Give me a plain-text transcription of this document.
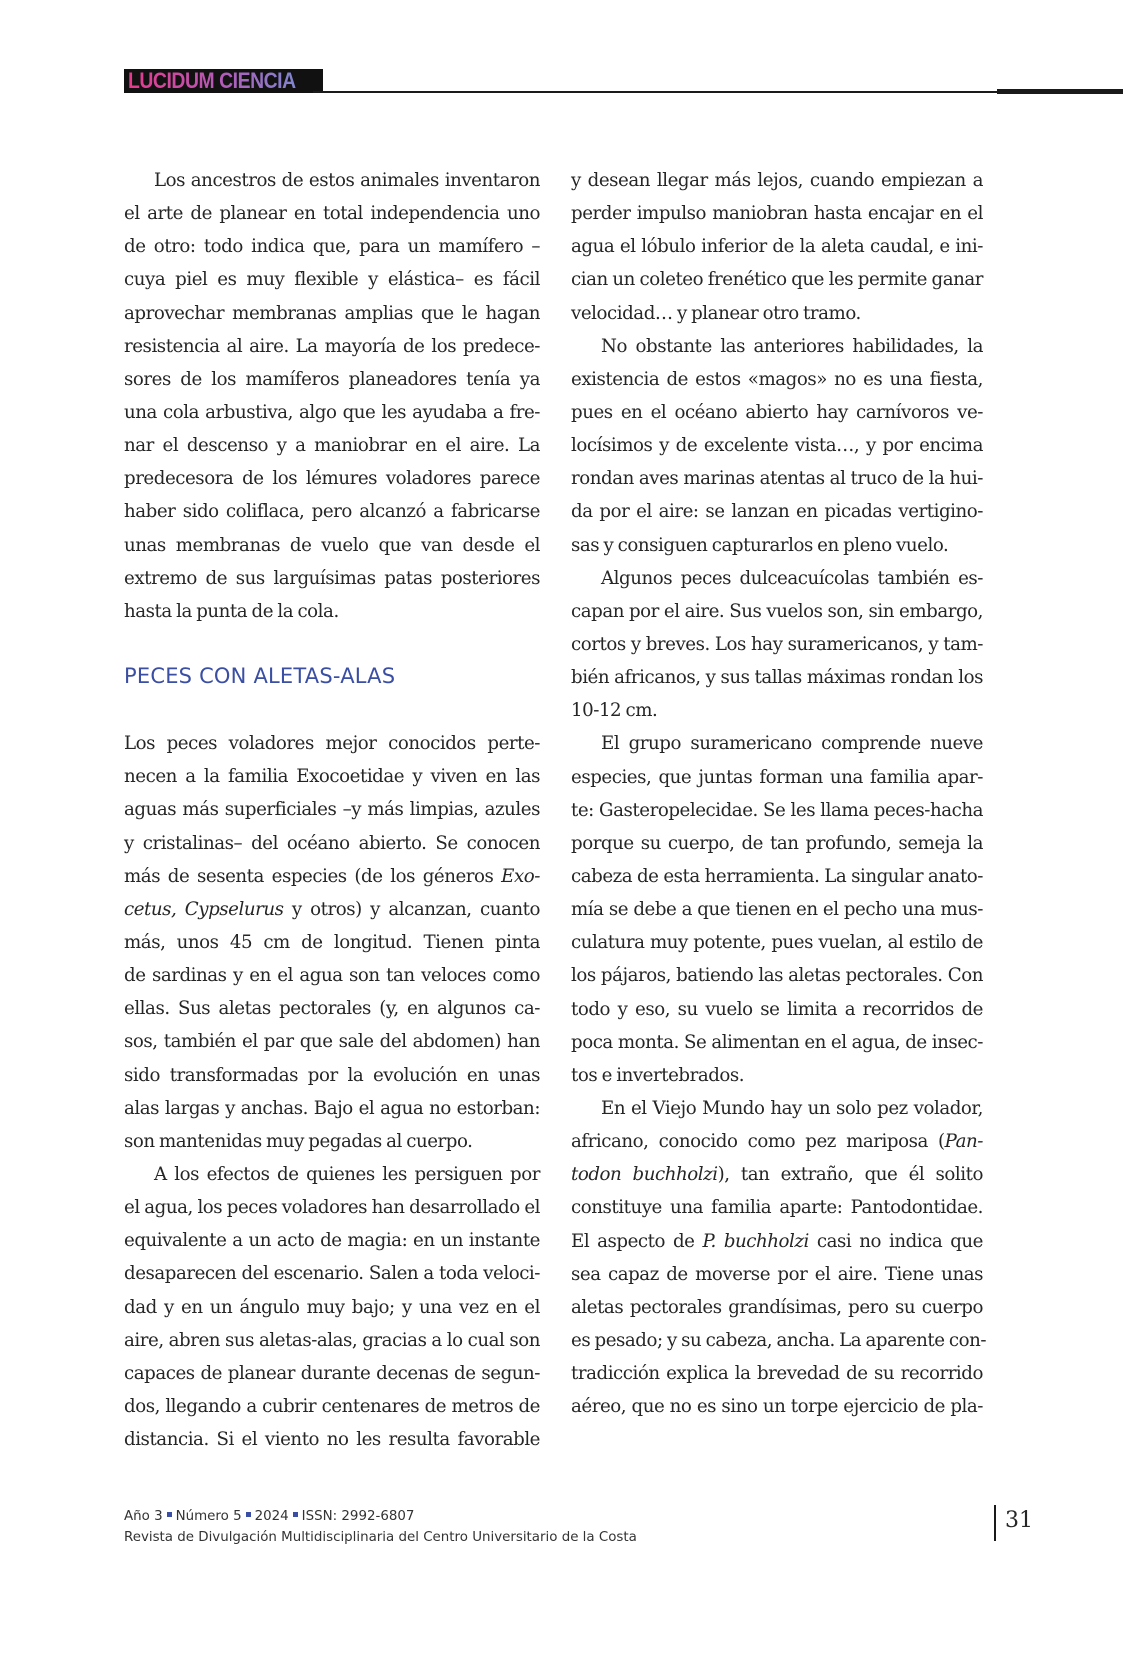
LUCIDUM CIENCIA
Los ancestros de estos animales inventaron
el arte de planear en total independencia uno
de otro: todo indica que, para un mamífero –
cuya piel es muy flexible y elástica– es fácil
aprovechar membranas amplias que le hagan
resistencia al aire. La mayoría de los predece-
sores de los mamíferos planeadores tenía ya
una cola arbustiva, algo que les ayudaba a fre-
nar el descenso y a maniobrar en el aire. La
predecesora de los lémures voladores parece
haber sido coliflaca, pero alcanzó a fabricarse
unas membranas de vuelo que van desde el
extremo de sus larguísimas patas posteriores
hasta la punta de la cola.
PECES CON ALETAS-ALAS
Los peces voladores mejor conocidos perte-
necen a la familia Exocoetidae y viven en las
aguas más superficiales –y más limpias, azules
y cristalinas– del océano abierto. Se conocen
más de sesenta especies (de los géneros Exo-
cetus, Cypselurus y otros) y alcanzan, cuanto
más, unos 45 cm de longitud. Tienen pinta
de sardinas y en el agua son tan veloces como
ellas. Sus aletas pectorales (y, en algunos ca-
sos, también el par que sale del abdomen) han
sido transformadas por la evolución en unas
alas largas y anchas. Bajo el agua no estorban:
son mantenidas muy pegadas al cuerpo.
A los efectos de quienes les persiguen por
el agua, los peces voladores han desarrollado el
equivalente a un acto de magia: en un instante
desaparecen del escenario. Salen a toda veloci-
dad y en un ángulo muy bajo; y una vez en el
aire, abren sus aletas-alas, gracias a lo cual son
capaces de planear durante decenas de segun-
dos, llegando a cubrir centenares de metros de
distancia. Si el viento no les resulta favorable
y desean llegar más lejos, cuando empiezan a
perder impulso maniobran hasta encajar en el
agua el lóbulo inferior de la aleta caudal, e ini-
cian un coleteo frenético que les permite ganar
velocidad… y planear otro tramo.
No obstante las anteriores habilidades, la
existencia de estos «magos» no es una fiesta,
pues en el océano abierto hay carnívoros ve-
locísimos y de excelente vista…, y por encima
rondan aves marinas atentas al truco de la hui-
da por el aire: se lanzan en picadas vertigino-
sas y consiguen capturarlos en pleno vuelo.
Algunos peces dulceacuícolas también es-
capan por el aire. Sus vuelos son, sin embargo,
cortos y breves. Los hay suramericanos, y tam-
bién africanos, y sus tallas máximas rondan los
10-12 cm.
El grupo suramericano comprende nueve
especies, que juntas forman una familia apar-
te: Gasteropelecidae. Se les llama peces-hacha
porque su cuerpo, de tan profundo, semeja la
cabeza de esta herramienta. La singular anato-
mía se debe a que tienen en el pecho una mus-
culatura muy potente, pues vuelan, al estilo de
los pájaros, batiendo las aletas pectorales. Con
todo y eso, su vuelo se limita a recorridos de
poca monta. Se alimentan en el agua, de insec-
tos e invertebrados.
En el Viejo Mundo hay un solo pez volador,
africano, conocido como pez mariposa (Pan-
todon buchholzi), tan extraño, que él solito
constituye una familia aparte: Pantodontidae.
El aspecto de P. buchholzi casi no indica que
sea capaz de moverse por el aire. Tiene unas
aletas pectorales grandísimas, pero su cuerpo
es pesado; y su cabeza, ancha. La aparente con-
tradicción explica la brevedad de su recorrido
aéreo, que no es sino un torpe ejercicio de pla-
Año 3 Número 5 2024 ISSN: 2992-6807
Revista de Divulgación Multidisciplinaria del Centro Universitario de la Costa
31
